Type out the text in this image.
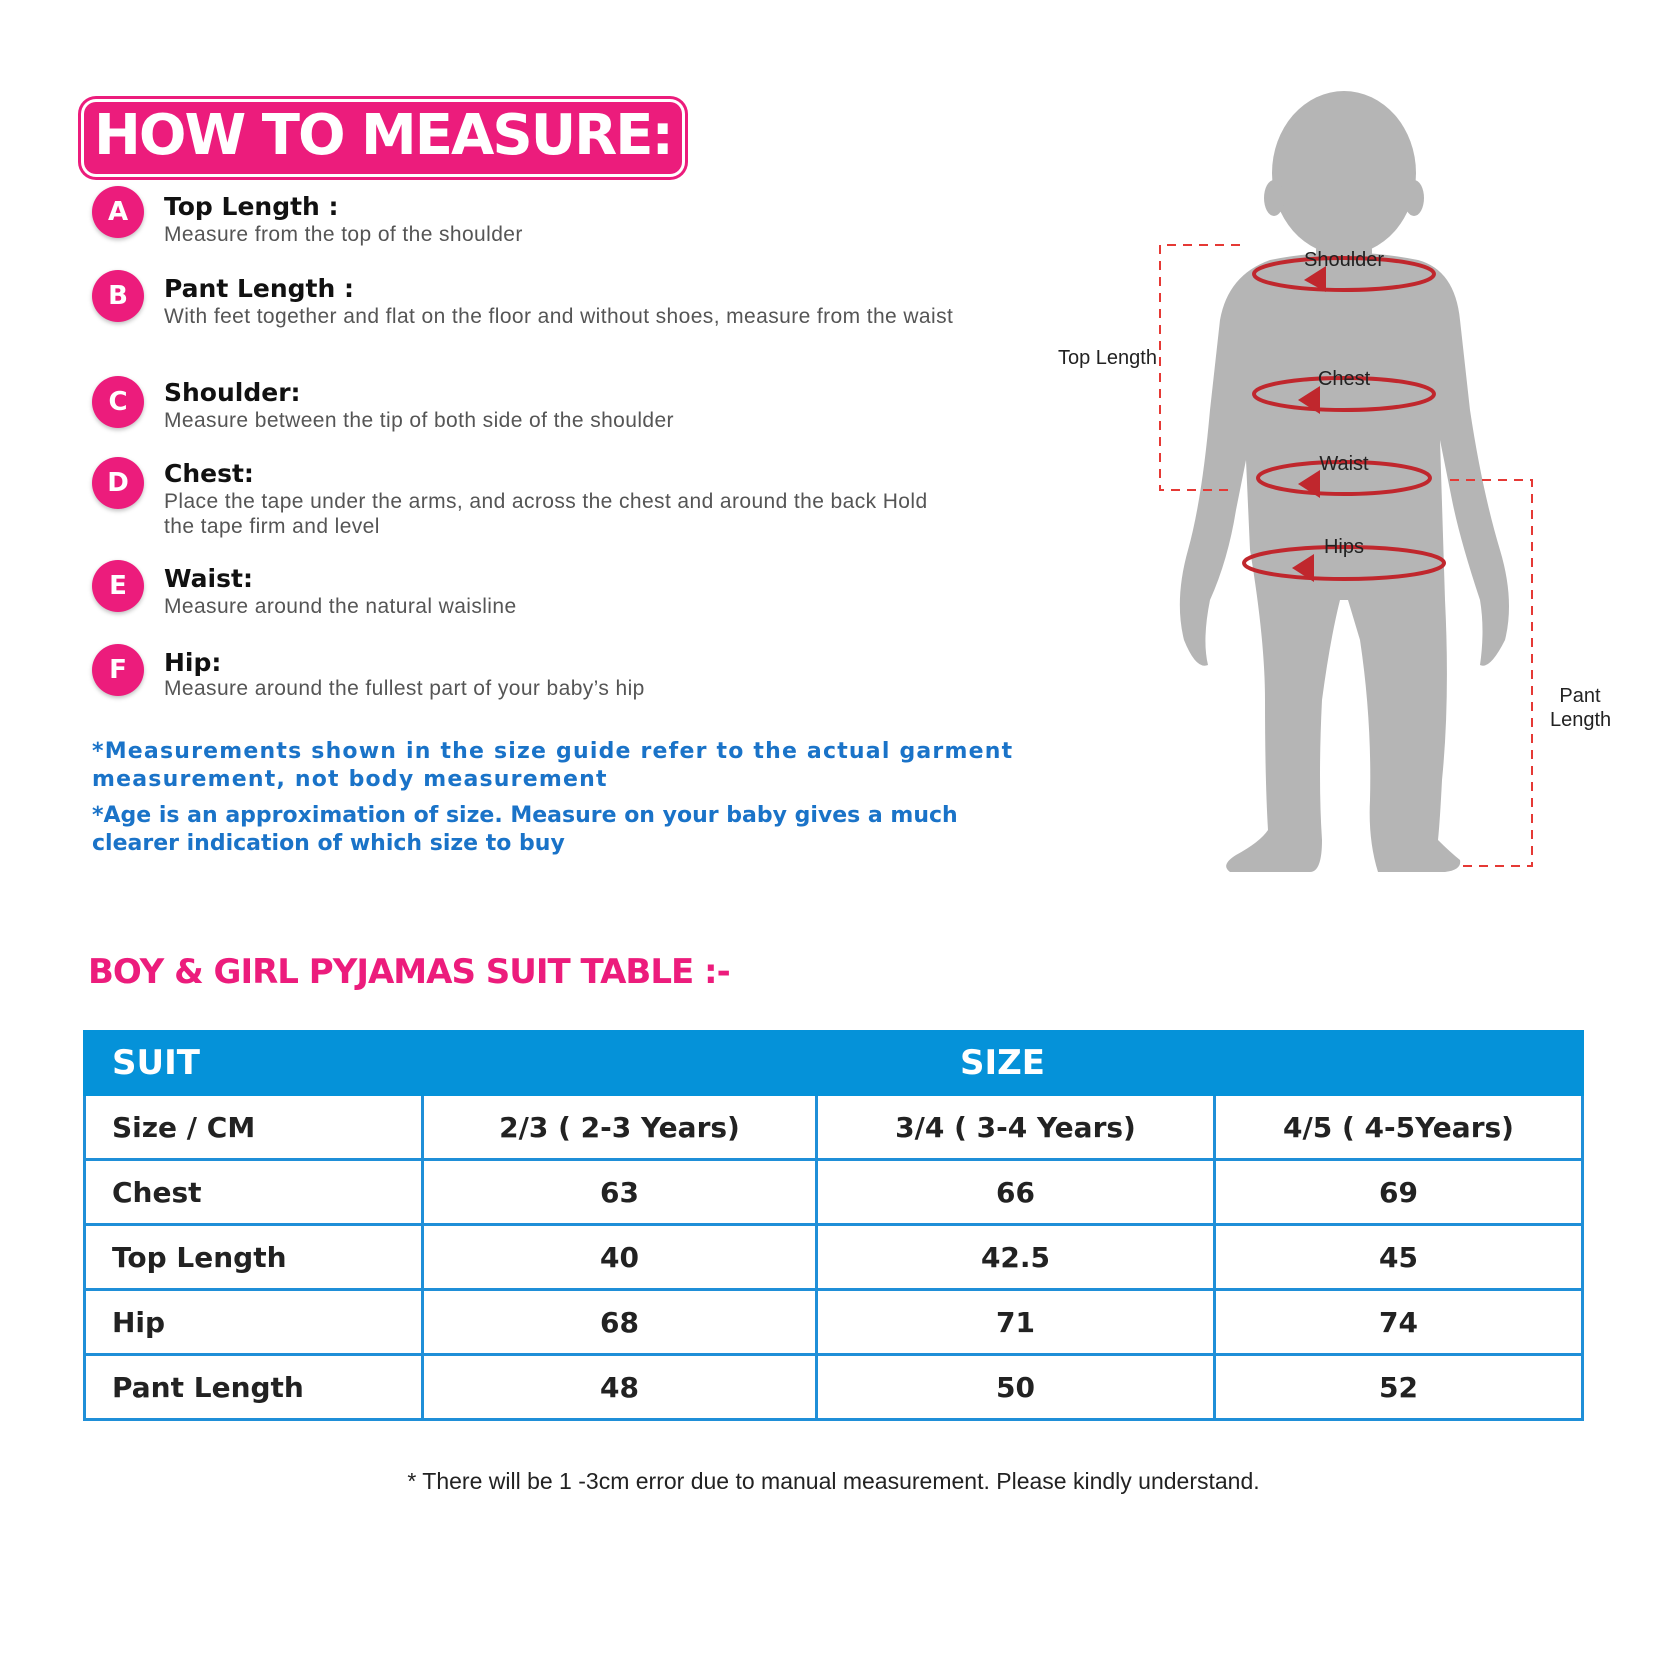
HOW TO MEASURE:
A	Top Length :
Measure from the top of the shoulder
B	Pant Length :
With feet together and flat on the floor and without shoes, measure from the waist
C	Shoulder:
Measure between the tip of both side of the shoulder
D	Chest:
Place the tape under the arms, and across the chest and around the back Hold the tape firm and level
E	Waist:
Measure around the natural waisline
F	Hip:
Measure around the fullest part of your baby’s hip
*Measurements shown in the size guide refer to the actual garment measurement, not body measurement
*Age is an approximation of size. Measure on your baby gives a much clearer indication of which size to buy
Top Length
Pant Length
Shoulder
Chest
Waist
Hips
BOY & GIRL PYJAMAS SUIT TABLE :-
SUIT	SIZE		
Size / CM	2/3 ( 2-3 Years)	3/4 ( 3-4 Years)	4/5 ( 4-5Years)
Chest	63	66	69
Top Length	40	42.5	45
Hip	68	71	74
Pant Length	48	50	52
* There will be 1 -3cm error due to manual measurement. Please kindly understand.
